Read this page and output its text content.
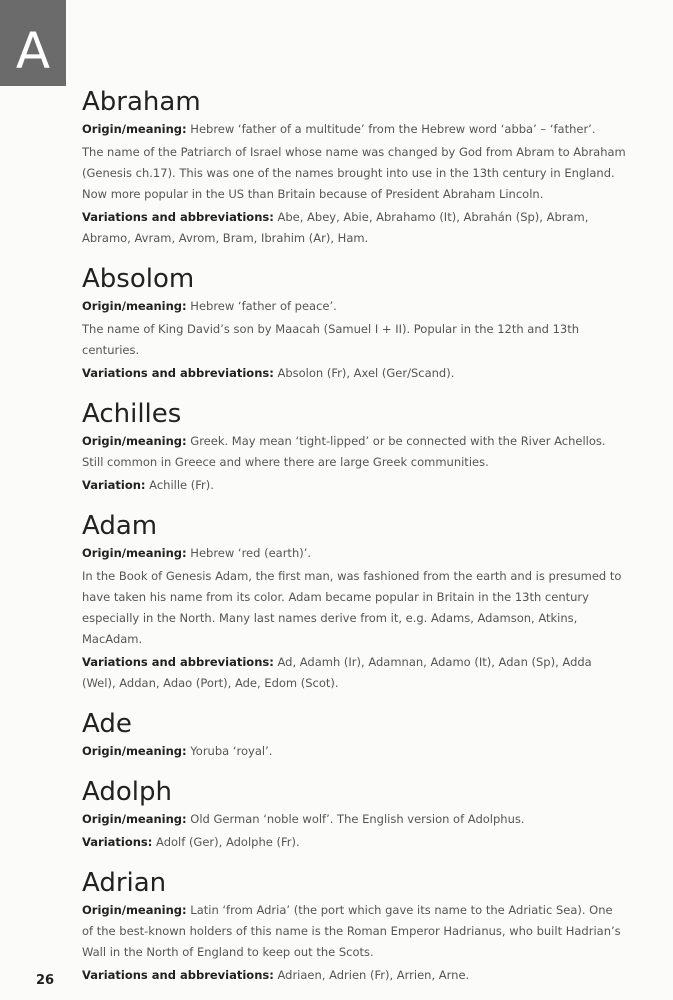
A
Abraham
Origin/meaning: Hebrew ‘father of a multitude’ from the Hebrew word ‘abba’ – ‘father’.
The name of the Patriarch of Israel whose name was changed by God from Abram to Abraham (Genesis ch.17). This was one of the names brought into use in the 13th century in England. Now more popular in the US than Britain because of President Abraham Lincoln.
Variations and abbreviations: Abe, Abey, Abie, Abrahamo (It), Abrahán (Sp), Abram, Abramo, Avram, Avrom, Bram, Ibrahim (Ar), Ham.
Absolom
Origin/meaning: Hebrew ‘father of peace’.
The name of King David’s son by Maacah (Samuel I + II). Popular in the 12th and 13th centuries.
Variations and abbreviations: Absolon (Fr), Axel (Ger/Scand).
Achilles
Origin/meaning: Greek. May mean ‘tight-lipped’ or be connected with the River Achellos. Still common in Greece and where there are large Greek communities.
Variation: Achille (Fr).
Adam
Origin/meaning: Hebrew ‘red (earth)’.
In the Book of Genesis Adam, the first man, was fashioned from the earth and is presumed to have taken his name from its color. Adam became popular in Britain in the 13th century especially in the North. Many last names derive from it, e.g. Adams, Adamson, Atkins, MacAdam.
Variations and abbreviations: Ad, Adamh (Ir), Adamnan, Adamo (It), Adan (Sp), Adda (Wel), Addan, Adao (Port), Ade, Edom (Scot).
Ade
Origin/meaning: Yoruba ‘royal’.
Adolph
Origin/meaning: Old German ‘noble wolf’. The English version of Adolphus.
Variations: Adolf (Ger), Adolphe (Fr).
Adrian
Origin/meaning: Latin ‘from Adria’ (the port which gave its name to the Adriatic Sea). One of the best-known holders of this name is the Roman Emperor Hadrianus, who built Hadrian’s Wall in the North of England to keep out the Scots.
Variations and abbreviations: Adriaen, Adrien (Fr), Arrien, Arne.
26
